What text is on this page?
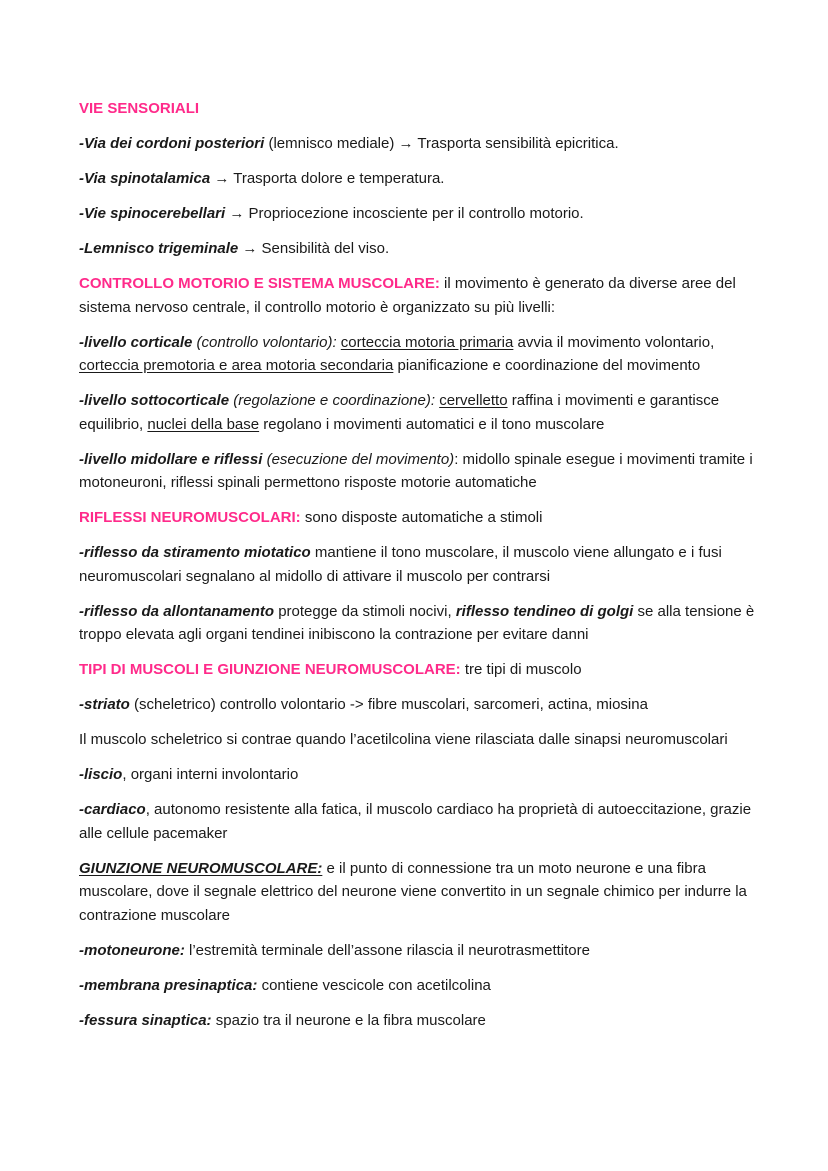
VIE SENSORIALI

-Via dei cordoni posteriori (lemnisco mediale) → Trasporta sensibilità epicritica.

-Via spinotalamica → Trasporta dolore e temperatura.

-Vie spinocerebellari → Propriocezione incosciente per il controllo motorio.

-Lemnisco trigeminale → Sensibilità del viso.

CONTROLLO MOTORIO E SISTEMA MUSCOLARE: il movimento è generato da diverse aree del sistema nervoso centrale, il controllo motorio è organizzato su più livelli:

-livello corticale (controllo volontario): corteccia motoria primaria avvia il movimento volontario, corteccia premotoria e area motoria secondaria pianificazione e coordinazione del movimento

-livello sottocorticale (regolazione e coordinazione): cervelletto raffina i movimenti e garantisce equilibrio, nuclei della base regolano i movimenti automatici e il tono muscolare

-livello midollare e riflessi (esecuzione del movimento): midollo spinale esegue i movimenti tramite i motoneuroni, riflessi spinali permettono risposte motorie automatiche

RIFLESSI NEUROMUSCOLARI: sono disposte automatiche a stimoli

-riflesso da stiramento miotatico mantiene il tono muscolare, il muscolo viene allungato e i fusi neuromuscolari segnalano al midollo di attivare il muscolo per contrarsi

-riflesso da allontanamento protegge da stimoli nocivi, riflesso tendineo di golgi se alla tensione è troppo elevata agli organi tendinei inibiscono la contrazione per evitare danni

TIPI DI MUSCOLI E GIUNZIONE NEUROMUSCOLARE: tre tipi di muscolo

-striato (scheletrico) controllo volontario -> fibre muscolari, sarcomeri, actina, miosina

Il muscolo scheletrico si contrae quando l’acetilcolina viene rilasciata dalle sinapsi neuromuscolari

-liscio, organi interni involontario

-cardiaco, autonomo resistente alla fatica, il muscolo cardiaco ha proprietà di autoeccitazione, grazie alle cellule pacemaker

GIUNZIONE NEUROMUSCOLARE: e il punto di connessione tra un moto neurone e una fibra muscolare, dove il segnale elettrico del neurone viene convertito in un segnale chimico per indurre la contrazione muscolare

-motoneurone: l’estremità terminale dell’assone rilascia il neurotrasmettitore

-membrana presinaptica: contiene vescicole con acetilcolina

-fessura sinaptica: spazio tra il neurone e la fibra muscolare
